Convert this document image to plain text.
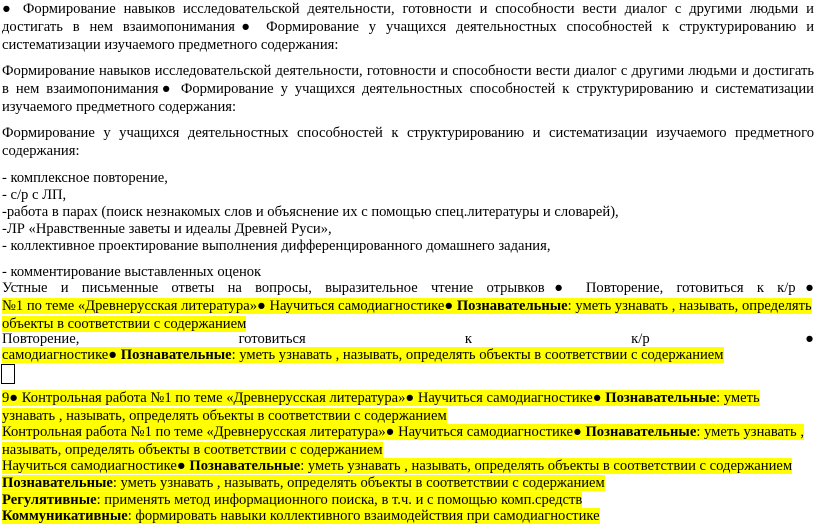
● Формирование навыков исследовательской деятельности, готовности и способности вести диалог с другими людьми и достигать в нем взаимопонимания● Формирование у учащихся деятельностных способностей к структурированию и систематизации изучаемого предметного содержания:

Формирование навыков исследовательской деятельности, готовности и способности вести диалог с другими людьми и достигать в нем взаимопонимания● Формирование у учащихся деятельностных способностей к структурированию и систематизации изучаемого предметного содержания:

Формирование у учащихся деятельностных способностей к структурированию и систематизации изучаемого предметного содержания:

- комплексное повторение,

- с/р с ЛП,

-работа в парах (поиск незнакомых слов и объяснение их с помощью спец.литературы и словарей),

-ЛР «Нравственные заветы и идеалы Древней Руси»,

- коллективное проектирование выполнения дифференцированного домашнего задания,

- комментирование выставленных оценок

Устные и письменные ответы на вопросы, выразительное чтение отрывков● Повторение, готовиться к к/р●

№1 по теме «Древнерусская литература»● Научиться самодиагностике● Познавательные: уметь узнавать , называть, определять объекты в соответствии с содержанием

Повторение, готовиться к к/р●

самодиагностике● Познавательные: уметь узнавать , называть, определять объекты в соответствии с содержанием

9● Контрольная работа №1 по теме «Древнерусская литература»● Научиться самодиагностике● Познавательные: уметь узнавать , называть, определять объекты в соответствии с содержанием

Контрольная работа №1 по теме «Древнерусская литература»● Научиться самодиагностике● Познавательные: уметь узнавать , называть, определять объекты в соответствии с содержанием

Научиться самодиагностике● Познавательные: уметь узнавать , называть, определять объекты в соответствии с содержанием

Познавательные: уметь узнавать , называть, определять объекты в соответствии с содержанием

Регулятивные: применять метод информационного поиска, в т.ч. и с помощью комп.средств

Коммуникативные: формировать навыки коллективного взаимодействия при самодиагностике
